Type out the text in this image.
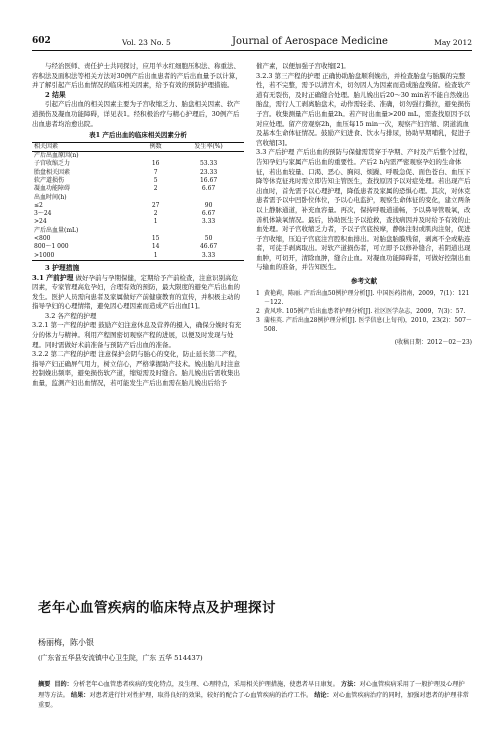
602	Vol. 23 No. 5	Journal of Aerospace Medicine	May 2012

与经治医师、责任护士共同探讨，应用羊水红细胞压积法、称重法、容积法及面积法等相关方法对30例产后出血患者的产后出血量予以计算，并了解引起产后出血情况的临床相关因素，给予有效的预防护理措施。

2 结果

引起产后出血的相关因素主要为子宫收缩乏力、胎盘相关因素、软产道损伤及凝血功能障碍，详见表1。经积极治疗与精心护理后，30例产后出血患者均治愈出院。

表1 产后出血的临床相关因素分析
相关因素	例数	发生率(%)
产后出血原因(n)		
子宫收缩乏力	16	53.33
胎盘相关因素	7	23.33
软产道损伤	5	16.67
凝血功能障碍	2	6.67
出血时间(h)		
≤2	27	90
3～24	2	6.67
>24	1	3.33
产后出血量(mL)		
<800	15	50
800～1 000	14	46.67
>1000	1	3.33

3 护理措施

3.1 产前护理 做好孕前与孕期保健，定期给予产前检查，注意识别高危因素，专家管理高危孕妇，合理有效的预防，最大限度的避免产后出血的发生。医护人员需向患者及家属做好产前健康教育的宣传，并积极主动的指导孕妇的心理情绪，避免因心理因素而造成产后出血[1]。

3.2 各产程的护理

3.2.1 第一产程的护理 鼓励产妇注意休息及营养的摄入，确保分娩时有充分的体力与精神。利用产程图密切观察产程的进展，以便及时发现与处理。同时需做好术前准备与预防产后出血的准备。

3.2.2 第二产程的护理 注意保护会阴与胎心的变化，防止延长第二产程，指导产妇正确屏气用力，树立信心，严格掌握助产技术。娩出胎儿时注意控制娩出频率，避免损伤软产道，缩短需及时缝合。胎儿娩出后需收集出血量，监测产妇出血情况，若可能发生产后出血需在胎儿娩出后给予

催产素，以便加强子宫收缩[2]。

3.2.3 第三产程的护理 正确协助胎盘顺利娩出，并检查胎盘与胎膜的完整性，若不完整，需予以清宫术，切勿因人为因素而造成胎盘残留。检查软产道有无裂伤，及时正确缝合处理。胎儿娩出后20～30 min若不能自然娩出胎盘，需行人工剥离胎盘术，动作需轻柔、准确，切勿强行撕拉，避免损伤子宫。收集测量产后出血量2h。若产时出血量>200 mL，需查找原因予以对应处理。留产房观察2h，血压每15 min一次，观察产妇宫缩、阴道流血及基本生命体征情况。鼓励产妇进食、饮水与排尿，协助早期哺乳，促进子宫收缩[3]。

3.3 产后护理 产后出血的预防与保健需贯穿于孕期、产时及产后整个过程，告知孕妇与家属产后出血的重要性。产后2 h内需严密观察孕妇的生命体征，若出血较量、口渴、恶心、胸闷、烦躁、呼吸急促、面色苍白、血压下降等休克征兆时需立即告知主管医生，查找原因予以对症处理。若出现产后出血时，首先需予以心理护理，降低患者及家属的恐惧心理。其次，对休克患者需予以中凹卧位体位，予以心电监护，观察生命体征的变化，建立两条以上静脉通道，补充血容量。再次，保持呼吸道通畅，予以鼻导管吸氧，改善机体缺氧情况。最后，协助医生予以抢救，查找病因并及时给予有效的止血处理。对子宫收缩乏力者，予以子宫底按摩，静脉注射或肌肉注射，促进子宫收缩，压迫子宫底注宫腔积血排出。对胎盘胎膜残留，剥离不全或粘连者，可徒手剥离取出。对软产道损伤者，可立即予以修补缝合，若阴道出现血肿，可切开，清除血肿，缝合止血。对凝血功能障碍者，可做好控制出血与输血的准备，并告知医生。

参考文献
1 黄艳莉，陈丽. 产后出血50例护理分析[J]. 中国医药指南，2009，7(1)：121－122.
2 黄风珍. 105例产后出血患者护理分析[J]. 社区医学杂志，2009，7(3)：57.
3 蒲桂英. 产后出血28例护理分析[J]. 医学信息(上旬刊)，2010，23(2)：507－508.
(收稿日期：2012－02－23)
老年心血管疾病的临床特点及护理探讨
杨丽梅，陈小银
(广东省五华县安流镇中心卫生院，广东 五华 514437)
摘要 目的：分析老年心血管患者疾病的变化特点，及生理、心理特点，采用相关护理措施，使患者早日康复。 方法：对心血管疾病采用了一般护理及心理护理等方法。 结果：对患者进行针对性护理，取得良好的效果，较好的配合了心血管疾病的治疗工作。 结论：对心血管疾病治疗的同时，加强对患者的护理非常重要。
